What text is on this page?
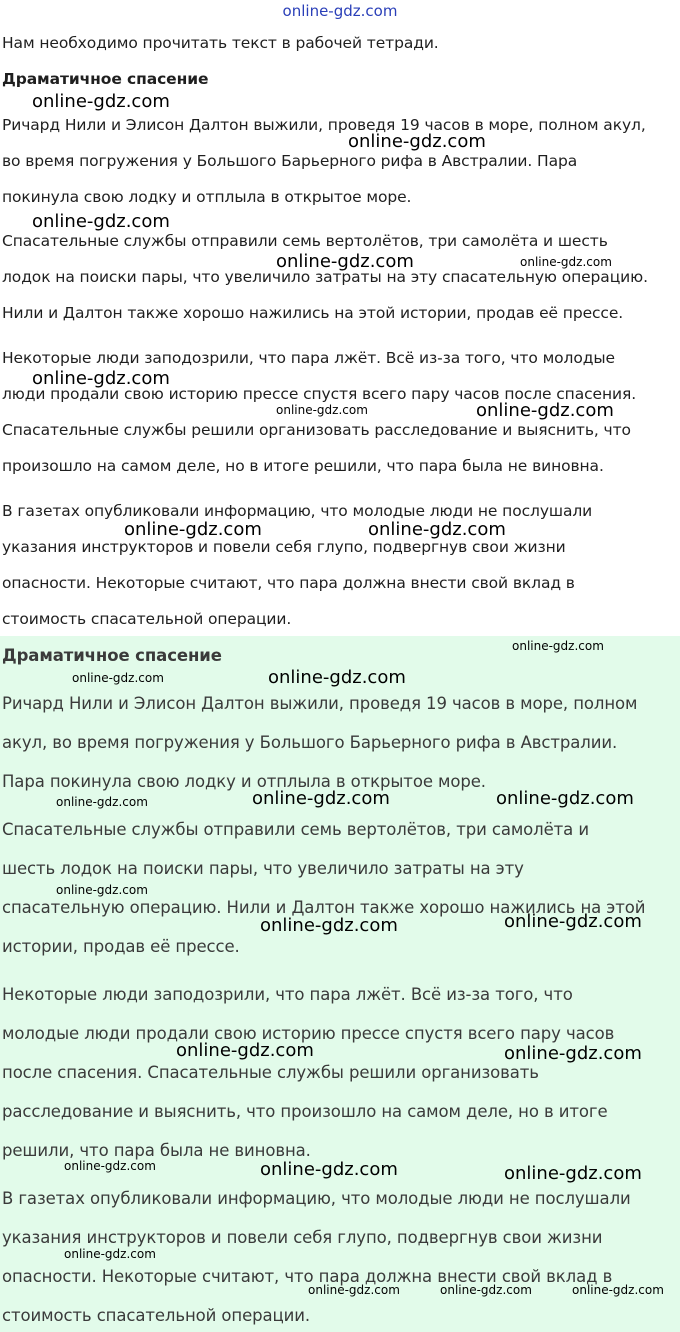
online-gdz.com

Нам необходимо прочитать текст в рабочей тетради.

Драматичное спасение

Ричард Нили и Элисон Далтон выжили, проведя 19 часов в море, полном акул,

во время погружения у Большого Барьерного рифа в Австралии. Пара

покинула свою лодку и отплыла в открытое море.

Спасательные службы отправили семь вертолётов, три самолёта и шесть

лодок на поиски пары, что увеличило затраты на эту спасательную операцию.

Нили и Далтон также хорошо нажились на этой истории, продав её прессе.

Некоторые люди заподозрили, что пара лжёт. Всё из-за того, что молодые

люди продали свою историю прессе спустя всего пару часов после спасения.

Спасательные службы решили организовать расследование и выяснить, что

произошло на самом деле, но в итоге решили, что пара была не виновна.

В газетах опубликовали информацию, что молодые люди не послушали

указания инструкторов и повели себя глупо, подвергнув свои жизни

опасности. Некоторые считают, что пара должна внести свой вклад в

стоимость спасательной операции.

Драматичное спасение

Ричард Нили и Элисон Далтон выжили, проведя 19 часов в море, полном

акул, во время погружения у Большого Барьерного рифа в Австралии.

Пара покинула свою лодку и отплыла в открытое море.

Спасательные службы отправили семь вертолётов, три самолёта и

шесть лодок на поиски пары, что увеличило затраты на эту

спасательную операцию. Нили и Далтон также хорошо нажились на этой

истории, продав её прессе.

Некоторые люди заподозрили, что пара лжёт. Всё из-за того, что

молодые люди продали свою историю прессе спустя всего пару часов

после спасения. Спасательные службы решили организовать

расследование и выяснить, что произошло на самом деле, но в итоге

решили, что пара была не виновна.

В газетах опубликовали информацию, что молодые люди не послушали

указания инструкторов и повели себя глупо, подвергнув свои жизни

опасности. Некоторые считают, что пара должна внести свой вклад в

стоимость спасательной операции.

online-gdz.com
online-gdz.com
online-gdz.com
online-gdz.com	online-gdz.com
online-gdz.com
online-gdz.com	online-gdz.com
online-gdz.com	online-gdz.com
online-gdz.com
online-gdz.com
online-gdz.com
online-gdz.com	online-gdz.com
online-gdz.com
online-gdz.com
online-gdz.com
online-gdz.com
online-gdz.com	online-gdz.com
online-gdz.com	online-gdz.com	online-gdz.com
online-gdz.com
online-gdz.com	online-gdz.com	online-gdz.com
